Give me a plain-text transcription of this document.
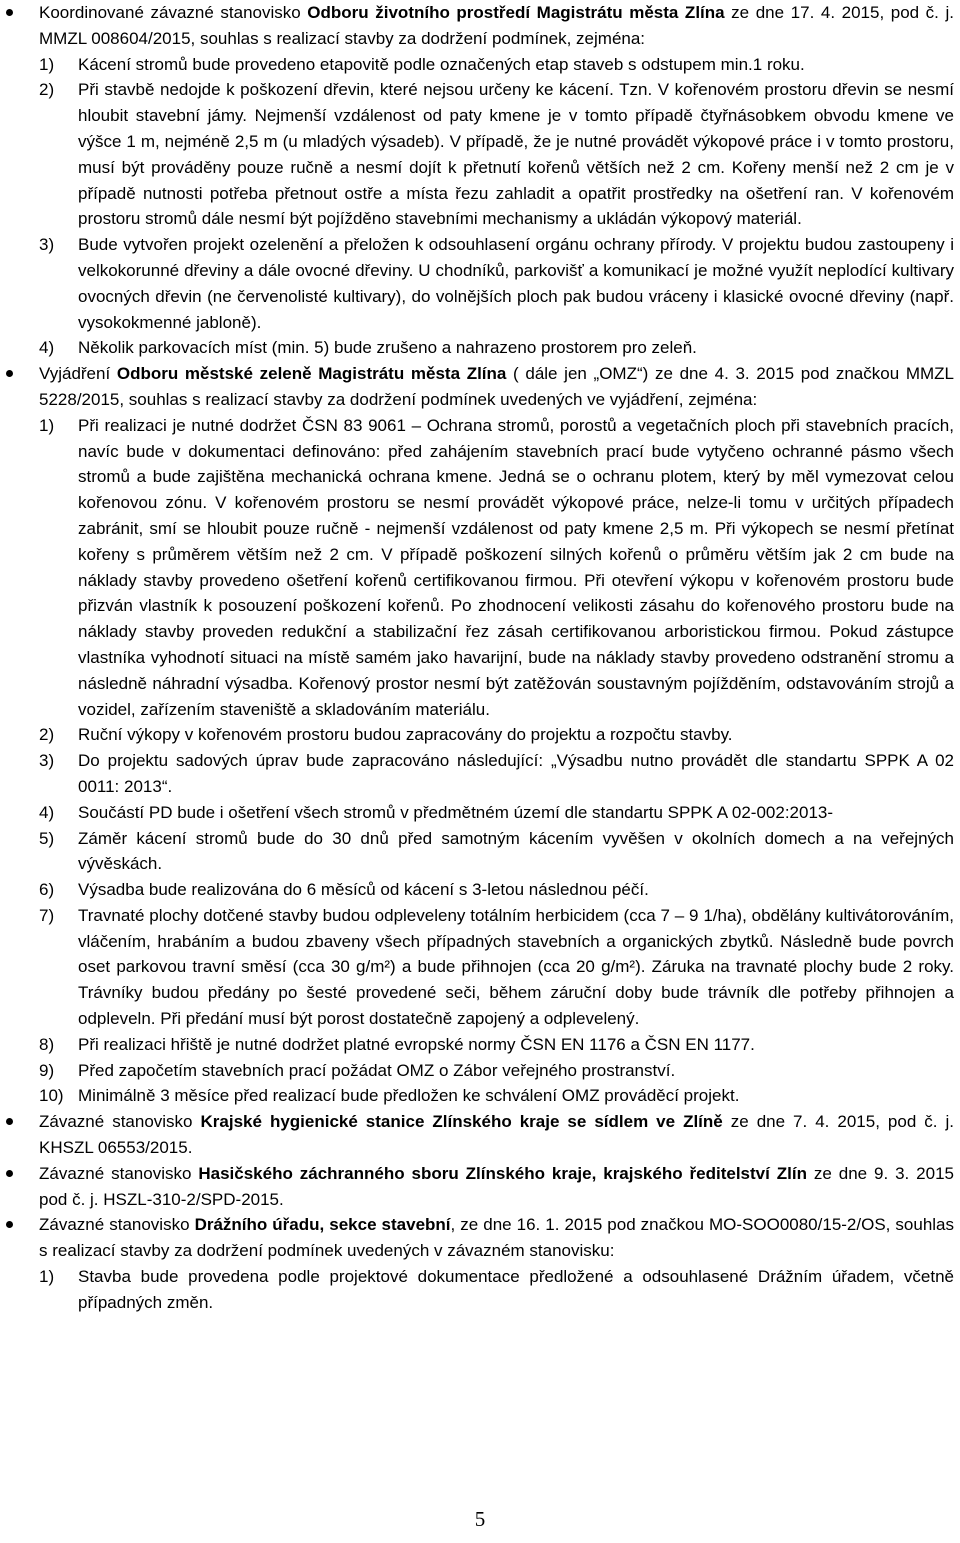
Koordinované závazné stanovisko Odboru životního prostředí Magistrátu města Zlína ze dne 17. 4. 2015, pod č. j. MMZL 008604/2015, souhlas s realizací stavby za dodržení podmínek, zejména:
1) Kácení stromů bude provedeno etapovitě podle označených etap staveb s odstupem min.1 roku.
2) Při stavbě nedojde k poškození dřevin, které nejsou určeny ke kácení. Tzn. V kořenovém prostoru dřevin se nesmí hloubit stavební jámy. Nejmenší vzdálenost od paty kmene je v tomto případě čtyřnásobkem obvodu kmene ve výšce 1 m, nejméně 2,5 m (u mladých výsadeb). V případě, že je nutné provádět výkopové práce i v tomto prostoru, musí být prováděny pouze ručně a nesmí dojít k přetnutí kořenů větších než 2 cm. Kořeny menší než 2 cm je v případě nutnosti potřeba přetnout ostře a místa řezu zahladit a opatřit prostředky na ošetření ran. V kořenovém prostoru stromů dále nesmí být pojížděno stavebními mechanismy a ukládán výkopový materiál.
3) Bude vytvořen projekt ozelenění a přeložen k odsouhlasení orgánu ochrany přírody. V projektu budou zastoupeny i velkokorunné dřeviny a dále ovocné dřeviny. U chodníků, parkovišť a komunikací je možné využít neplodící kultivary ovocných dřevin (ne červenolisté kultivary), do volnějších ploch pak budou vráceny i klasické ovocné dřeviny (např. vysokokmenné jabloně).
4) Několik parkovacích míst (min. 5) bude zrušeno a nahrazeno prostorem pro zeleň.
Vyjádření Odboru městské zeleně Magistrátu města Zlína ( dále jen „OMZ“) ze dne 4. 3. 2015 pod značkou MMZL 5228/2015, souhlas s realizací stavby za dodržení podmínek uvedených ve vyjádření, zejména:
1) Při realizaci je nutné dodržet ČSN 83 9061 – Ochrana stromů, porostů a vegetačních ploch při stavebních pracích, navíc bude v dokumentaci definováno: před zahájením stavebních prací bude vytyčeno ochranné pásmo všech stromů a bude zajištěna mechanická ochrana kmene. Jedná se o ochranu plotem, který by měl vymezovat celou kořenovou zónu. V kořenovém prostoru se nesmí provádět výkopové práce, nelze-li tomu v určitých případech zabránit, smí se hloubit pouze ručně - nejmenší vzdálenost od paty kmene 2,5 m. Při výkopech se nesmí přetínat kořeny s průměrem větším než 2 cm. V případě poškození silných kořenů o průměru větším jak 2 cm bude na náklady stavby provedeno ošetření kořenů certifikovanou firmou. Při otevření výkopu v kořenovém prostoru bude přizván vlastník k posouzení poškození kořenů. Po zhodnocení velikosti zásahu do kořenového prostoru bude na náklady stavby proveden redukční a stabilizační řez zásah certifikovanou arboristickou firmou. Pokud zástupce vlastníka vyhodnotí situaci na místě samém jako havarijní, bude na náklady stavby provedeno odstranění stromu a následně náhradní výsadba. Kořenový prostor nesmí být zatěžován soustavným pojížděním, odstavováním strojů a vozidel, zařízením staveniště a skladováním materiálu.
2) Ruční výkopy v kořenovém prostoru budou zapracovány do projektu a rozpočtu stavby.
3) Do projektu sadových úprav bude zapracováno následující: „Výsadbu nutno provádět dle standartu SPPK A 02 0011: 2013“.
4) Součástí PD bude i ošetření všech stromů v předmětném území dle standartu SPPK A 02-002:2013-
5) Záměr kácení stromů bude do 30 dnů před samotným kácením vyvěšen v okolních domech a na veřejných vývěskách.
6) Výsadba bude realizována do 6 měsíců od kácení s 3-letou následnou péčí.
7) Travnaté plochy dotčené stavby budou odpleveleny totálním herbicidem (cca 7 – 9 1/ha), obdělány kultivátorováním, vláčením, hrabáním a budou zbaveny všech případných stavebních a organických zbytků. Následně bude povrch oset parkovou travní směsí (cca 30 g/m²) a bude přihnojen (cca 20 g/m²). Záruka na travnaté plochy bude 2 roky. Trávníky budou předány po šesté provedené seči, během záruční doby bude trávník dle potřeby přihnojen a odpleveln. Při předání musí být porost dostatečně zapojený a odplevelený.
8) Při realizaci hřiště je nutné dodržet platné evropské normy ČSN EN 1176 a ČSN EN 1177.
9) Před započetím stavebních prací požádat OMZ o Zábor veřejného prostranství.
10) Minimálně 3 měsíce před realizací bude předložen ke schválení OMZ prováděcí projekt.
Závazné stanovisko Krajské hygienické stanice Zlínského kraje se sídlem ve Zlíně ze dne 7. 4. 2015, pod č. j. KHSZL 06553/2015.
Závazné stanovisko Hasičského záchranného sboru Zlínského kraje, krajského ředitelství Zlín ze dne 9. 3. 2015 pod č. j. HSZL-310-2/SPD-2015.
Závazné stanovisko Drážního úřadu, sekce stavební, ze dne 16. 1. 2015 pod značkou MO-SOO0080/15-2/OS, souhlas s realizací stavby za dodržení podmínek uvedených v závazném stanovisku:
1) Stavba bude provedena podle projektové dokumentace předložené a odsouhlasené Drážním úřadem, včetně případných změn.
5
